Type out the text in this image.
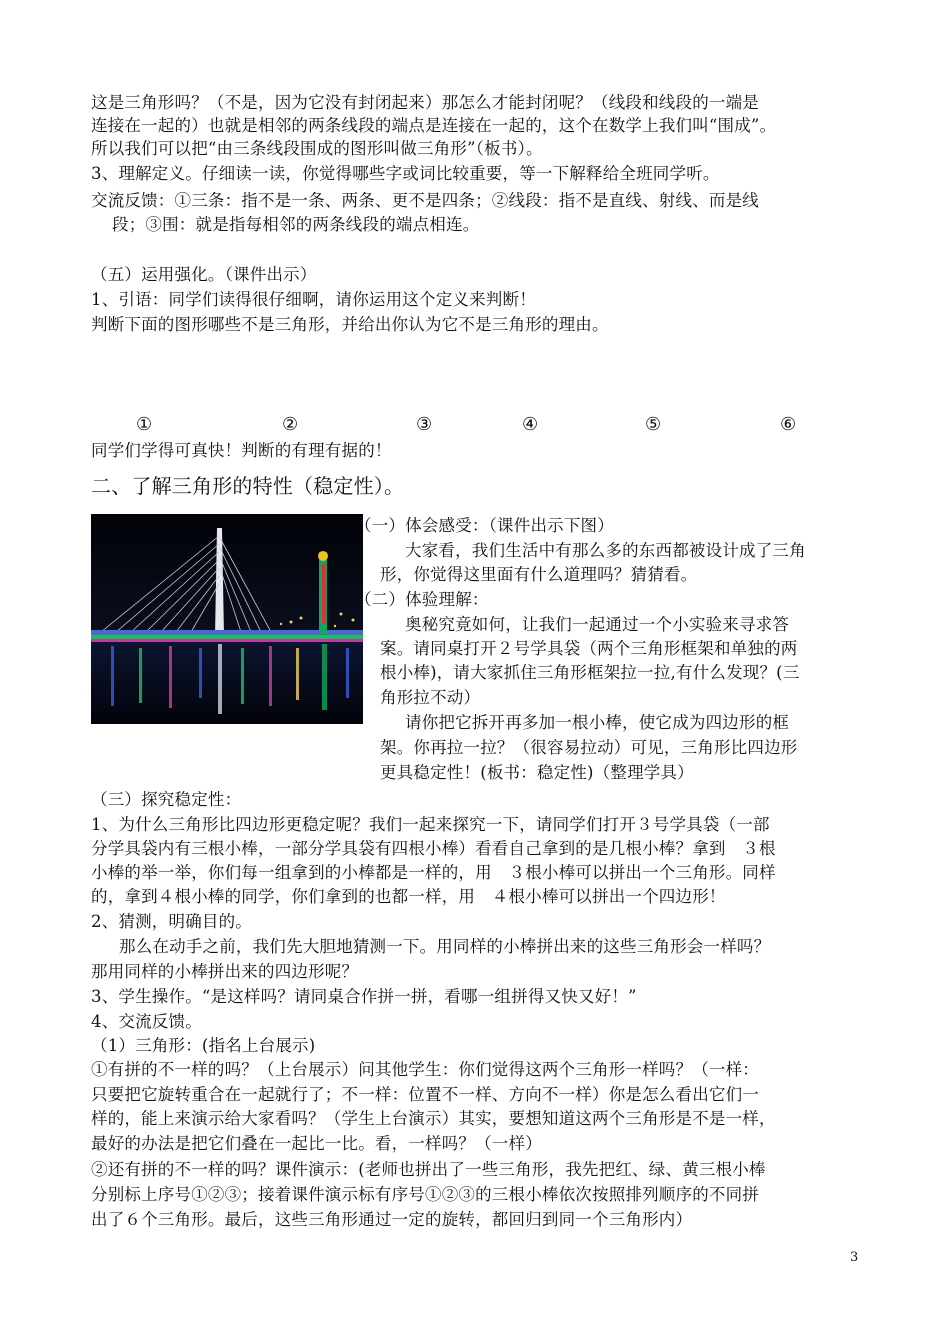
这是三角形吗？（不是，因为它没有封闭起来）那怎么才能封闭呢？（线段和线段的一端是
连接在一起的）也就是相邻的两条线段的端点是连接在一起的，这个在数学上我们叫“围成”。
所以我们可以把“由三条线段围成的图形叫做三角形”（板书）。
3、理解定义。仔细读一读，你觉得哪些字或词比较重要，等一下解释给全班同学听。
交流反馈：①三条：指不是一条、两条、更不是四条；②线段：指不是直线、射线、而是线
段；③围：就是指每相邻的两条线段的端点相连。
（五）运用强化。（课件出示）
1、引语：同学们读得很仔细啊，请你运用这个定义来判断！
判断下面的图形哪些不是三角形，并给出你认为它不是三角形的理由。
①	②	③	④	⑤	⑥
同学们学得可真快！判断的有理有据的！
二、了解三角形的特性（稳定性）。
（一）体会感受：（课件出示下图）
大家看，我们生活中有那么多的东西都被设计成了三角
形，你觉得这里面有什么道理吗？猜猜看。
（二）体验理解：
奥秘究竟如何，让我们一起通过一个小实验来寻求答
案。请同桌打开２号学具袋（两个三角形框架和单独的两
根小棒)，请大家抓住三角形框架拉一拉,有什么发现？(三
角形拉不动）
请你把它拆开再多加一根小棒，使它成为四边形的框
架。你再拉一拉？（很容易拉动）可见，三角形比四边形
更具稳定性！(板书：稳定性)（整理学具）
（三）探究稳定性：
1、为什么三角形比四边形更稳定呢？我们一起来探究一下，请同学们打开３号学具袋（一部
分学具袋内有三根小棒，一部分学具袋有四根小棒）看看自己拿到的是几根小棒？拿到　３根
小棒的举一举，你们每一组拿到的小棒都是一样的，用　３根小棒可以拼出一个三角形。同样
的，拿到４根小棒的同学，你们拿到的也都一样，用　４根小棒可以拼出一个四边形！
2、猜测，明确目的。
那么在动手之前，我们先大胆地猜测一下。用同样的小棒拼出来的这些三角形会一样吗？
那用同样的小棒拼出来的四边形呢？
3、学生操作。“是这样吗？请同桌合作拼一拼，看哪一组拼得又快又好！”
4、交流反馈。
（1）三角形：(指名上台展示)
①有拼的不一样的吗？（上台展示）问其他学生：你们觉得这两个三角形一样吗？（一样：
只要把它旋转重合在一起就行了；不一样：位置不一样、方向不一样）你是怎么看出它们一
样的，能上来演示给大家看吗？（学生上台演示）其实，要想知道这两个三角形是不是一样，
最好的办法是把它们叠在一起比一比。看，一样吗？（一样）
②还有拼的不一样的吗？课件演示：(老师也拼出了一些三角形，我先把红、绿、黄三根小棒
分别标上序号①②③；接着课件演示标有序号①②③的三根小棒依次按照排列顺序的不同拼
出了６个三角形。最后，这些三角形通过一定的旋转，都回归到同一个三角形内）
3
